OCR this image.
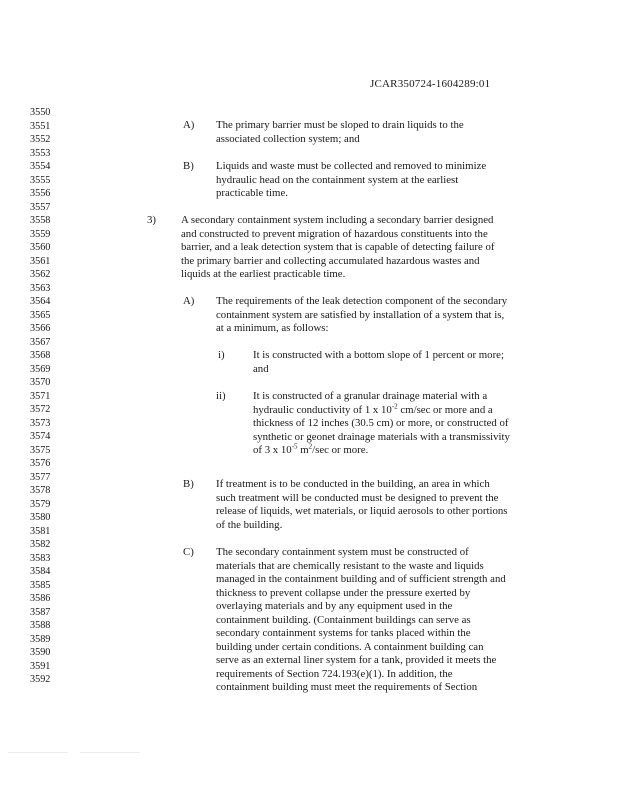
JCAR350724-1604289:01
3550
3551
3552
3553
3554
3555
3556
3557
3558
3559
3560
3561
3562
3563
3564
3565
3566
3567
3568
3569
3570
3571
3572
3573
3574
3575
3576
3577
3578
3579
3580
3581
3582
3583
3584
3585
3586
3587
3588
3589
3590
3591
3592
A) The primary barrier must be sloped to drain liquids to the
associated collection system; and
B) Liquids and waste must be collected and removed to minimize
hydraulic head on the containment system at the earliest
practicable time.
3) A secondary containment system including a secondary barrier designed
and constructed to prevent migration of hazardous constituents into the
barrier, and a leak detection system that is capable of detecting failure of
the primary barrier and collecting accumulated hazardous wastes and
liquids at the earliest practicable time.
A) The requirements of the leak detection component of the secondary
containment system are satisfied by installation of a system that is,
at a minimum, as follows:
i)	It is constructed with a bottom slope of 1 percent or more;
and
ii)	It is constructed of a granular drainage material with a
hydraulic conductivity of 1 x $10^{-2}$ cm/sec or more and a
thickness of 12 inches (30.5 cm) or more, or constructed of
synthetic or geonet drainage materials with a transmissivity
of 3 x $10^{-5}$ $m^2/\sec$ or more.
B) If treatment is to be conducted in the building, an area in which
such treatment will be conducted must be designed to prevent the
release of liquids, wet materials, or liquid aerosols to other portions
of the building.
C) The secondary containment system must be constructed of
materials that are chemically resistant to the waste and liquids
managed in the containment building and of sufficient strength and
thickness to prevent collapse under the pressure exerted by
overlaying materials and by any equipment used in the
containment building. (Containment buildings can serve as
secondary containment systems for tanks placed within the
building under certain conditions. A containment building can
serve as an external liner system for a tank, provided it meets the
requirements of Section 724.193(e)(1). In addition, the
containment building must meet the requirements of Section
